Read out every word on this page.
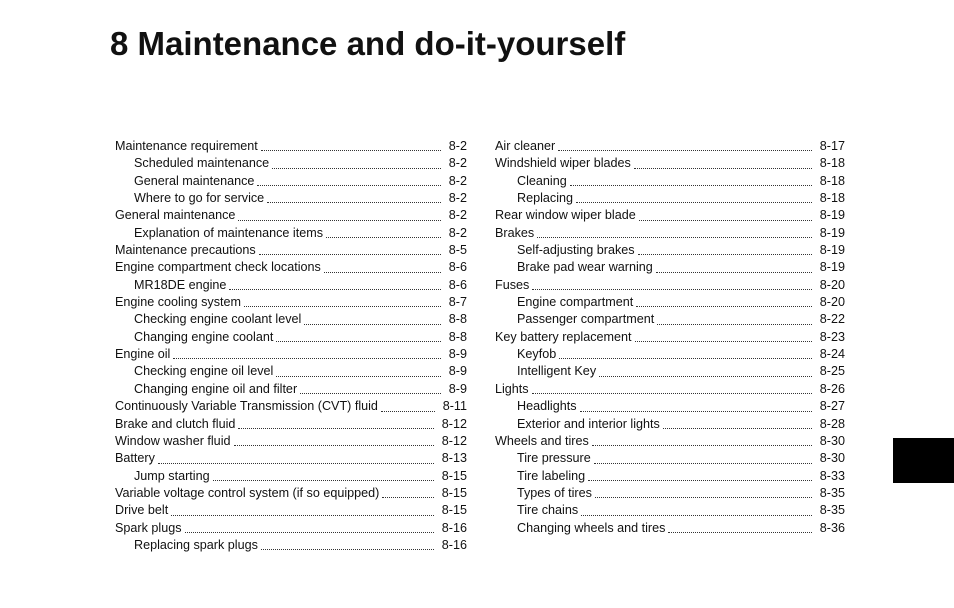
8 Maintenance and do-it-yourself
Maintenance requirement	8-2
Scheduled maintenance	8-2
General maintenance	8-2
Where to go for service	8-2
General maintenance	8-2
Explanation of maintenance items	8-2
Maintenance precautions	8-5
Engine compartment check locations	8-6
MR18DE engine	8-6
Engine cooling system	8-7
Checking engine coolant level	8-8
Changing engine coolant	8-8
Engine oil	8-9
Checking engine oil level	8-9
Changing engine oil and filter	8-9
Continuously Variable Transmission (CVT) fluid	8-11
Brake and clutch fluid	8-12
Window washer fluid	8-12
Battery	8-13
Jump starting	8-15
Variable voltage control system (if so equipped)	8-15
Drive belt	8-15
Spark plugs	8-16
Replacing spark plugs	8-16
Air cleaner	8-17
Windshield wiper blades	8-18
Cleaning	8-18
Replacing	8-18
Rear window wiper blade	8-19
Brakes	8-19
Self-adjusting brakes	8-19
Brake pad wear warning	8-19
Fuses	8-20
Engine compartment	8-20
Passenger compartment	8-22
Key battery replacement	8-23
Keyfob	8-24
Intelligent Key	8-25
Lights	8-26
Headlights	8-27
Exterior and interior lights	8-28
Wheels and tires	8-30
Tire pressure	8-30
Tire labeling	8-33
Types of tires	8-35
Tire chains	8-35
Changing wheels and tires	8-36
